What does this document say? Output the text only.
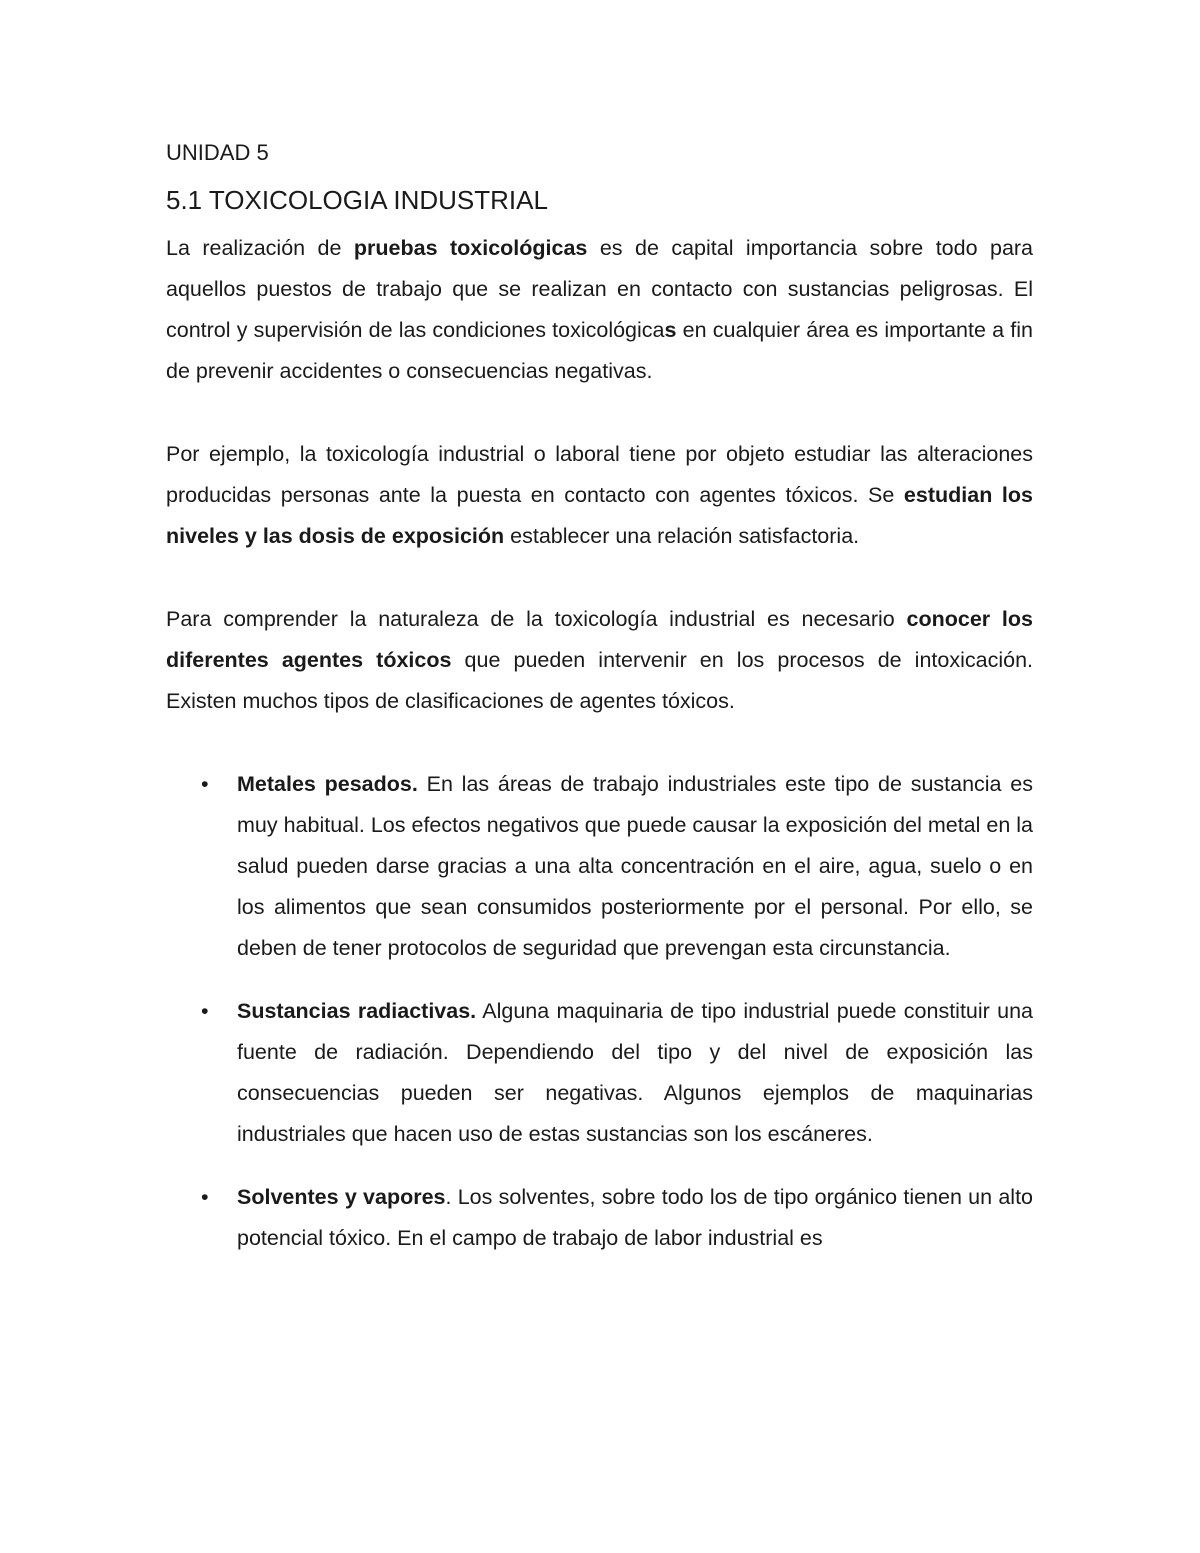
UNIDAD 5
5.1 TOXICOLOGIA INDUSTRIAL

La realización de pruebas toxicológicas es de capital importancia sobre todo para aquellos puestos de trabajo que se realizan en contacto con sustancias peligrosas. El control y supervisión de las condiciones toxicológicas en cualquier área es importante a fin de prevenir accidentes o consecuencias negativas.

Por ejemplo, la toxicología industrial o laboral tiene por objeto estudiar las alteraciones producidas personas ante la puesta en contacto con agentes tóxicos. Se estudian los niveles y las dosis de exposición establecer una relación satisfactoria.

Para comprender la naturaleza de la toxicología industrial es necesario conocer los diferentes agentes tóxicos que pueden intervenir en los procesos de intoxicación. Existen muchos tipos de clasificaciones de agentes tóxicos.

• Metales pesados. En las áreas de trabajo industriales este tipo de sustancia es muy habitual. Los efectos negativos que puede causar la exposición del metal en la salud pueden darse gracias a una alta concentración en el aire, agua, suelo o en los alimentos que sean consumidos posteriormente por el personal. Por ello, se deben de tener protocolos de seguridad que prevengan esta circunstancia.
• Sustancias radiactivas. Alguna maquinaria de tipo industrial puede constituir una fuente de radiación. Dependiendo del tipo y del nivel de exposición las consecuencias pueden ser negativas. Algunos ejemplos de maquinarias industriales que hacen uso de estas sustancias son los escáneres.
• Solventes y vapores. Los solventes, sobre todo los de tipo orgánico tienen un alto potencial tóxico. En el campo de trabajo de labor industrial es
